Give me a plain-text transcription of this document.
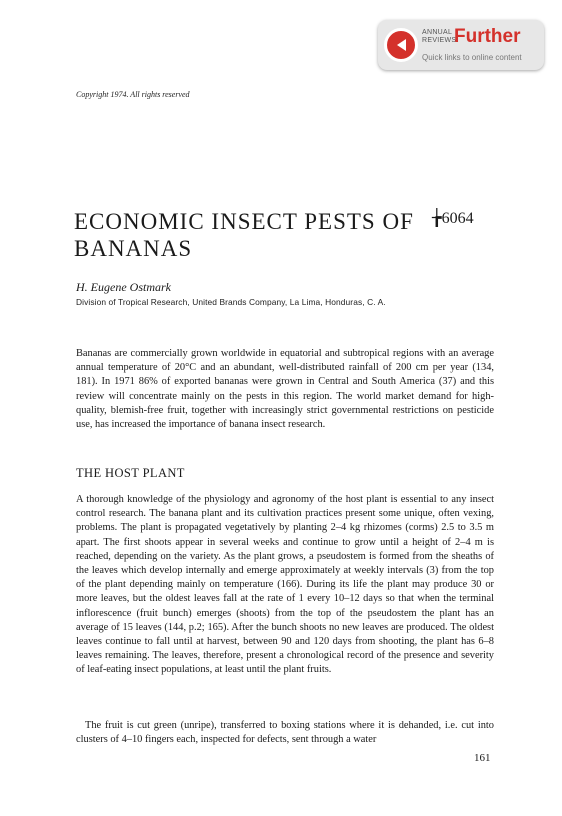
ANNUAL
REVIEWS
Further
Quick links to online content
Copyright 1974. All rights reserved
ECONOMIC INSECT PESTS OF BANANAS
╆6064
H. Eugene Ostmark
Division of Tropical Research, United Brands Company, La Lima, Honduras, C. A.

Bananas are commercially grown worldwide in equatorial and subtropical regions with an average annual temperature of 20°C and an abundant, well-distributed rainfall of 200 cm per year (134, 181). In 1971 86% of exported bananas were grown in Central and South America (37) and this review will concentrate mainly on the pests in this region. The world market demand for high-quality, blemish-free fruit, together with increasingly strict governmental restrictions on pesticide use, has increased the importance of banana insect research.

THE HOST PLANT

A thorough knowledge of the physiology and agronomy of the host plant is essential to any insect control research. The banana plant and its cultivation practices present some unique, often vexing, problems. The plant is propagated vegetatively by planting 2–4 kg rhizomes (corms) 2.5 to 3.5 m apart. The first shoots appear in several weeks and continue to grow until a height of 2–4 m is reached, depending on the variety. As the plant grows, a pseudostem is formed from the sheaths of the leaves which develop internally and emerge approximately at weekly intervals (3) from the top of the plant depending mainly on temperature (166). During its life the plant may produce 30 or more leaves, but the oldest leaves fall at the rate of 1 every 10–12 days so that when the terminal inflorescence (fruit bunch) emerges (shoots) from the top of the pseudostem the plant has an average of 15 leaves (144, p.2; 165). After the bunch shoots no new leaves are produced. The oldest leaves continue to fall until at harvest, between 90 and 120 days from shooting, the plant has 6–8 leaves remaining. The leaves, therefore, present a chronological record of the presence and severity of leaf-eating insect populations, at least until the plant fruits.

The fruit is cut green (unripe), transferred to boxing stations where it is dehanded, i.e. cut into clusters of 4–10 fingers each, inspected for defects, sent through a water

161
